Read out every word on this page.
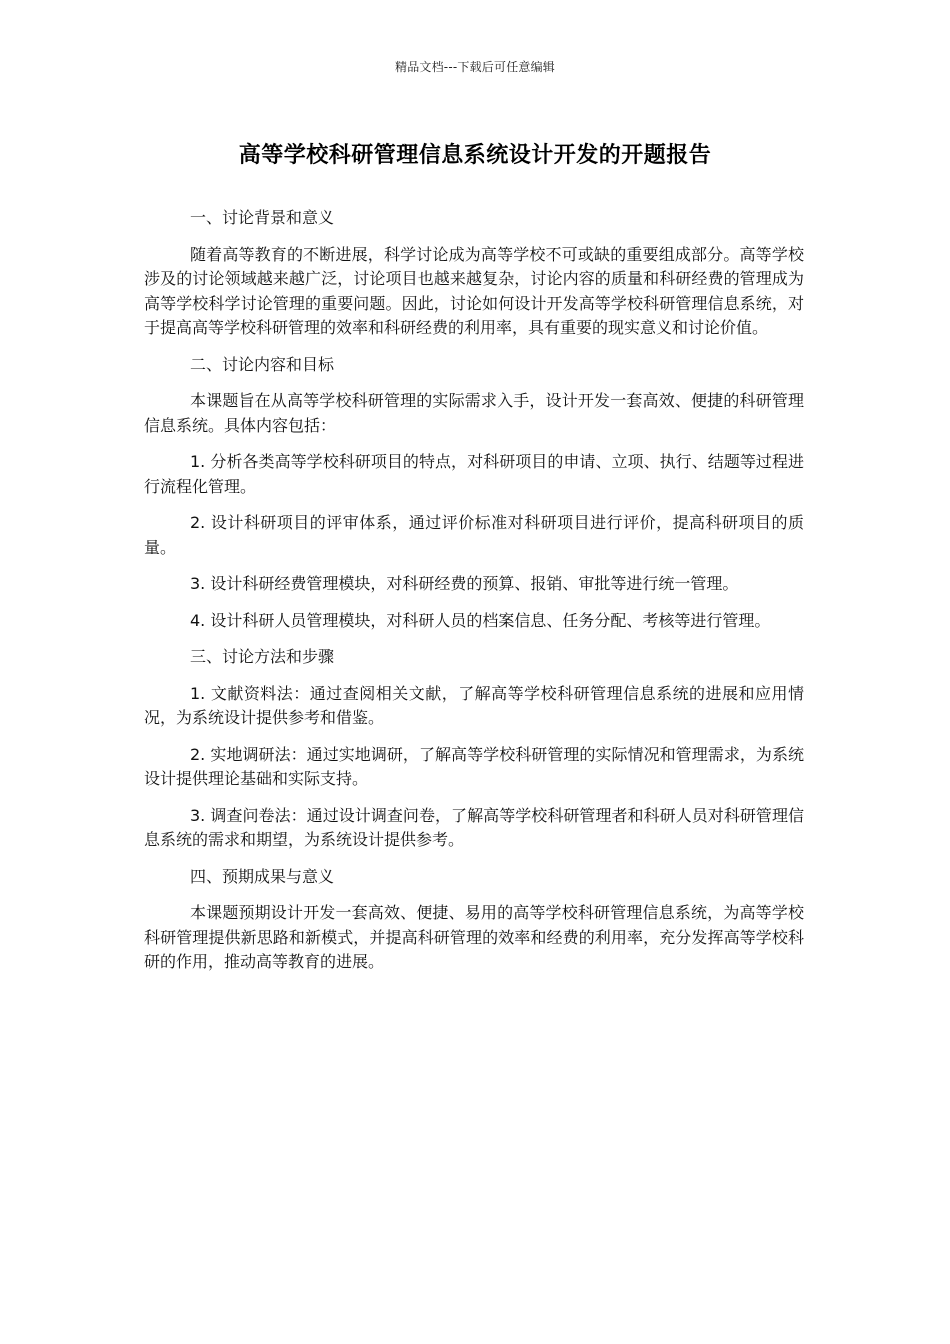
精品文档---下载后可任意编辑
高等学校科研管理信息系统设计开发的开题报告

一、讨论背景和意义

随着高等教育的不断进展，科学讨论成为高等学校不可或缺的重要组成部分。高等学校涉及的讨论领域越来越广泛，讨论项目也越来越复杂，讨论内容的质量和科研经费的管理成为高等学校科学讨论管理的重要问题。因此，讨论如何设计开发高等学校科研管理信息系统，对于提高高等学校科研管理的效率和科研经费的利用率，具有重要的现实意义和讨论价值。

二、讨论内容和目标

本课题旨在从高等学校科研管理的实际需求入手，设计开发一套高效、便捷的科研管理信息系统。具体内容包括：

1. 分析各类高等学校科研项目的特点，对科研项目的申请、立项、执行、结题等过程进行流程化管理。

2. 设计科研项目的评审体系，通过评价标准对科研项目进行评价，提高科研项目的质量。

3. 设计科研经费管理模块，对科研经费的预算、报销、审批等进行统一管理。

4. 设计科研人员管理模块，对科研人员的档案信息、任务分配、考核等进行管理。

三、讨论方法和步骤

1. 文献资料法：通过查阅相关文献，了解高等学校科研管理信息系统的进展和应用情况，为系统设计提供参考和借鉴。

2. 实地调研法：通过实地调研，了解高等学校科研管理的实际情况和管理需求，为系统设计提供理论基础和实际支持。

3. 调查问卷法：通过设计调查问卷，了解高等学校科研管理者和科研人员对科研管理信息系统的需求和期望，为系统设计提供参考。

四、预期成果与意义

本课题预期设计开发一套高效、便捷、易用的高等学校科研管理信息系统，为高等学校科研管理提供新思路和新模式，并提高科研管理的效率和经费的利用率，充分发挥高等学校科研的作用，推动高等教育的进展。
